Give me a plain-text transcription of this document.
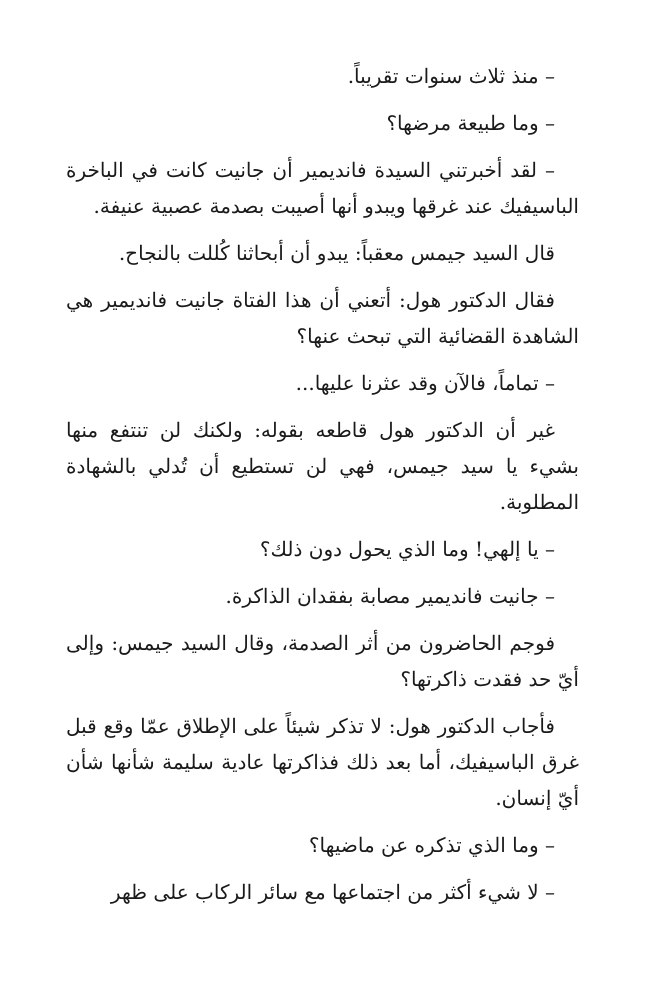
– منذ ثلاث سنوات تقريباً.

– وما طبيعة مرضها؟

– لقد أخبرتني السيدة فانديمير أن جانيت كانت في الباخرة الباسيفيك عند غرقها ويبدو أنها أصيبت بصدمة عصبية عنيفة.

قال السيد جيمس معقباً: يبدو أن أبحاثنا كُللت بالنجاح.

فقال الدكتور هول: أتعني أن هذا الفتاة جانيت فانديمير هي الشاهدة القضائية التي تبحث عنها؟

– تماماً، فالآن وقد عثرنا عليها...

غير أن الدكتور هول قاطعه بقوله: ولكنك لن تنتفع منها بشيء يا سيد جيمس، فهي لن تستطيع أن تُدلي بالشهادة المطلوبة.

– يا إلهي! وما الذي يحول دون ذلك؟

– جانيت فانديمير مصابة بفقدان الذاكرة.

فوجم الحاضرون من أثر الصدمة، وقال السيد جيمس: وإلى أيّ حد فقدت ذاكرتها؟

فأجاب الدكتور هول: لا تذكر شيئاً على الإطلاق عمّا وقع قبل غرق الباسيفيك، أما بعد ذلك فذاكرتها عادية سليمة شأنها شأن أيّ إنسان.

– وما الذي تذكره عن ماضيها؟

– لا شيء أكثر من اجتماعها مع سائر الركاب على ظهر
